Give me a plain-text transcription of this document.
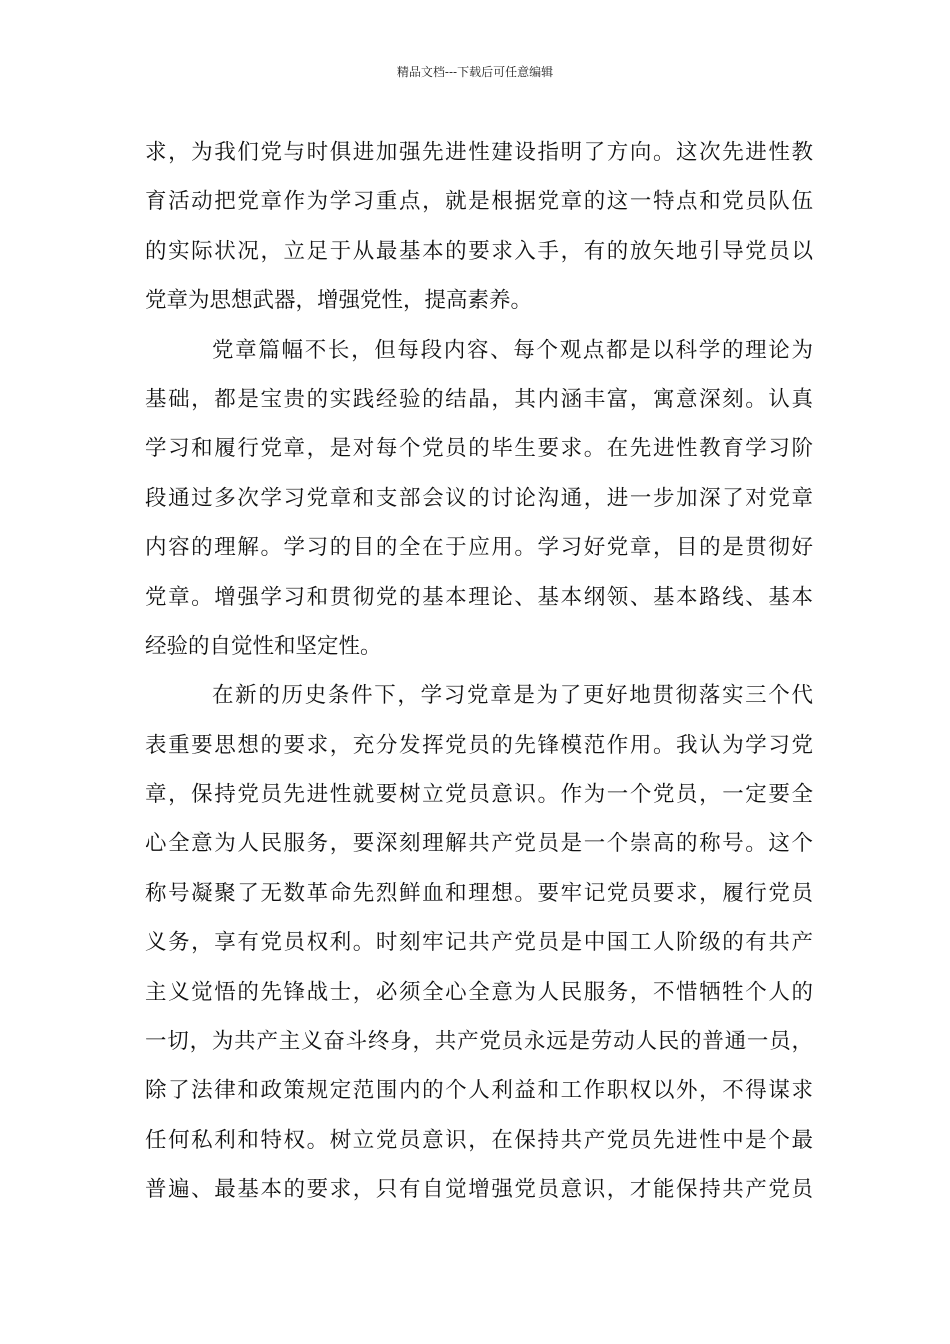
精品文档---下载后可任意编辑
求，为我们党与时俱进加强先进性建设指明了方向。这次先进性教
育活动把党章作为学习重点，就是根据党章的这一特点和党员队伍
的实际状况，立足于从最基本的要求入手，有的放矢地引导党员以
党章为思想武器，增强党性，提高素养。
党章篇幅不长，但每段内容、每个观点都是以科学的理论为
基础，都是宝贵的实践经验的结晶，其内涵丰富，寓意深刻。认真
学习和履行党章，是对每个党员的毕生要求。在先进性教育学习阶
段通过多次学习党章和支部会议的讨论沟通，进一步加深了对党章
内容的理解。学习的目的全在于应用。学习好党章，目的是贯彻好
党章。增强学习和贯彻党的基本理论、基本纲领、基本路线、基本
经验的自觉性和坚定性。
在新的历史条件下，学习党章是为了更好地贯彻落实三个代
表重要思想的要求，充分发挥党员的先锋模范作用。我认为学习党
章，保持党员先进性就要树立党员意识。作为一个党员，一定要全
心全意为人民服务，要深刻理解共产党员是一个崇高的称号。这个
称号凝聚了无数革命先烈鲜血和理想。要牢记党员要求，履行党员
义务，享有党员权利。时刻牢记共产党员是中国工人阶级的有共产
主义觉悟的先锋战士，必须全心全意为人民服务，不惜牺牲个人的
一切，为共产主义奋斗终身，共产党员永远是劳动人民的普通一员，
除了法律和政策规定范围内的个人利益和工作职权以外，不得谋求
任何私利和特权。树立党员意识，在保持共产党员先进性中是个最
普遍、最基本的要求，只有自觉增强党员意识，才能保持共产党员
